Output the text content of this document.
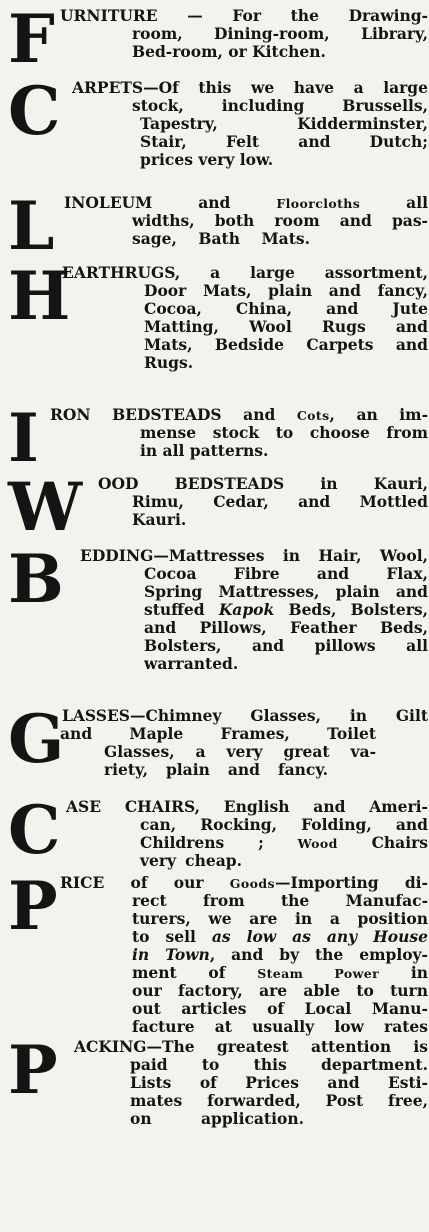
F URNITURE — For the Drawing-
room, Dining-room, Library,
Bed-room, or Kitchen.
C ARPETS—Of this we have a large
stock, including Brussells,
Tapestry, Kidderminster,
Stair, Felt and Dutch;
prices very low.
L INOLEUM and Floorcloths all
widths, both room and pas-
sage, Bath Mats.
H
EARTHRUGS, a large assortment,
Door Mats, plain and fancy,
Cocoa, China, and Jute
Matting, Wool Rugs and
Mats, Bedside Carpets and
Rugs.
I RON BEDSTEADS and Cots, an im-
mense stock to choose from
in all patterns.
W OOD BEDSTEADS in Kauri,
Rimu, Cedar, and Mottled
Kauri.
B EDDING—Mattresses in Hair, Wool,
Cocoa Fibre and Flax,
Spring Mattresses, plain and
stuffed Kapok Beds, Bolsters,
and Pillows, Feather Beds,
Bolsters, and pillows all
warranted.
G
LASSES—Chimney Glasses, in Gilt
and Maple Frames, Toilet
Glasses, a very great va-
riety, plain and fancy.
C ASE CHAIRS, English and Ameri-
can, Rocking, Folding, and
Childrens ; Wood Chairs
very cheap.
P RICE of our Goods—Importing di-
rect from the Manufac-
turers, we are in a position
to sell as low as any House
in Town, and by the employ-
ment of Steam Power in
our factory, are able to turn
out articles of Local Manu-
facture at usually low rates
P ACKING—The greatest attention is
paid to this department.
Lists of Prices and Esti-
mates forwarded, Post free,
on application.
